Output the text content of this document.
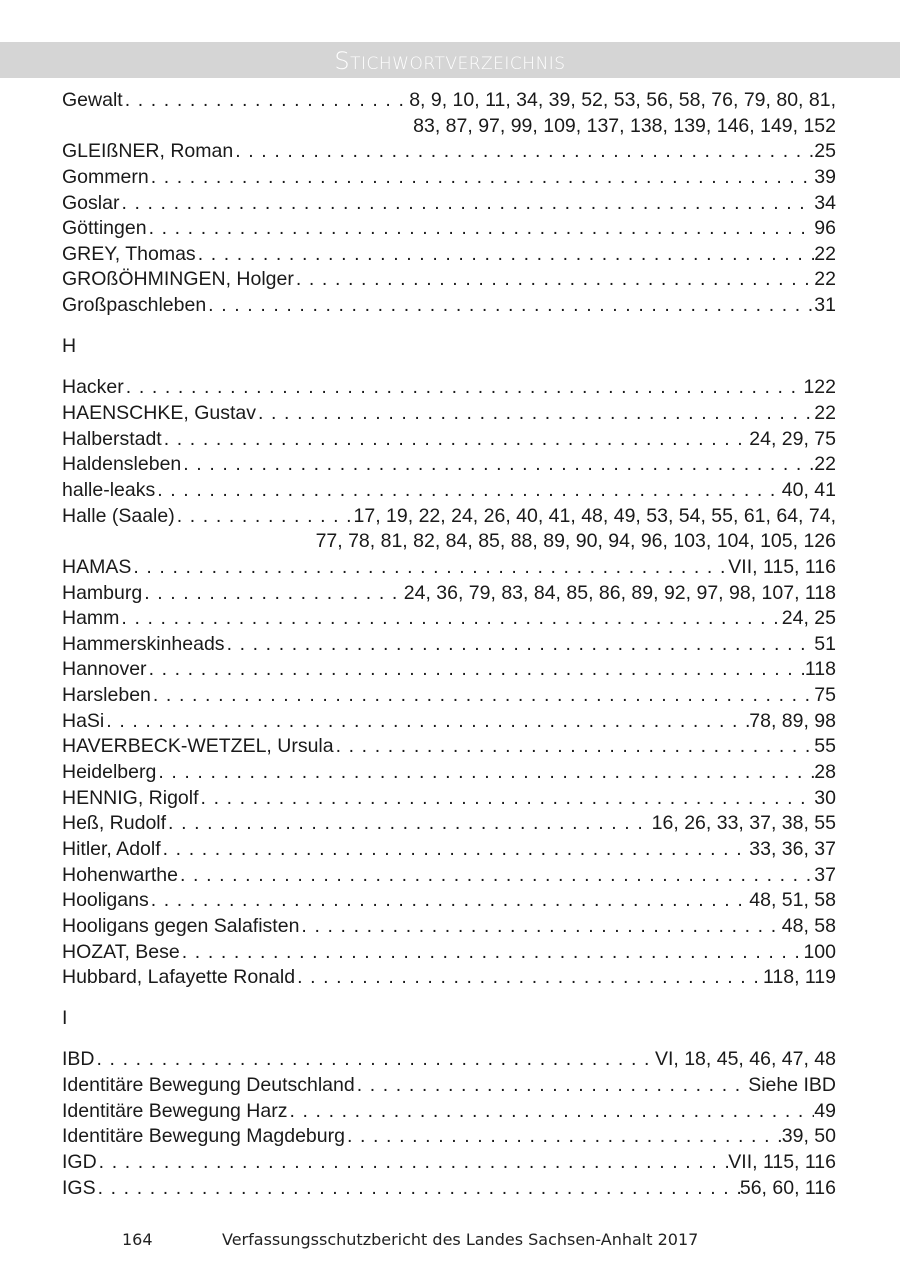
Stichwortverzeichnis
Gewalt . . .	8, 9, 10, 11, 34, 39, 52, 53, 56, 58, 76, 79, 80, 81,
83, 87, 97, 99, 109, 137, 138, 139, 146, 149, 152
GLEIßNER, Roman . . .	25
Gommern . . .	39
Goslar . . .	34
Göttingen . . .	96
GREY, Thomas . . .	22
GROßÖHMINGEN, Holger . . .	22
Großpaschleben . . .	31
H
Hacker . . .	122
HAENSCHKE, Gustav . . .	22
Halberstadt . . .	24, 29, 75
Haldensleben . . .	22
halle-leaks . . .	40, 41
Halle (Saale) . . .	17, 19, 22, 24, 26, 40, 41, 48, 49, 53, 54, 55, 61, 64, 74,
77, 78, 81, 82, 84, 85, 88, 89, 90, 94, 96, 103, 104, 105, 126
HAMAS . . .	VII, 115, 116
Hamburg . . .	24, 36, 79, 83, 84, 85, 86, 89, 92, 97, 98, 107, 118
Hamm . . .	24, 25
Hammerskinheads . . .	51
Hannover . . .	118
Harsleben . . .	75
HaSi . . .	78, 89, 98
HAVERBECK-WETZEL, Ursula . . .	55
Heidelberg . . .	28
HENNIG, Rigolf . . .	30
Heß, Rudolf . . .	16, 26, 33, 37, 38, 55
Hitler, Adolf . . .	33, 36, 37
Hohenwarthe . . .	37
Hooligans . . .	48, 51, 58
Hooligans gegen Salafisten . . .	48, 58
HOZAT, Bese . . .	100
Hubbard, Lafayette Ronald . . .	118, 119
I
IBD . . .	VI, 18, 45, 46, 47, 48
Identitäre Bewegung Deutschland . . .	Siehe IBD
Identitäre Bewegung Harz . . .	49
Identitäre Bewegung Magdeburg . . .	39, 50
IGD . . .	VII, 115, 116
IGS . . .	56, 60, 116
164	Verfassungsschutzbericht des Landes Sachsen-Anhalt 2017
